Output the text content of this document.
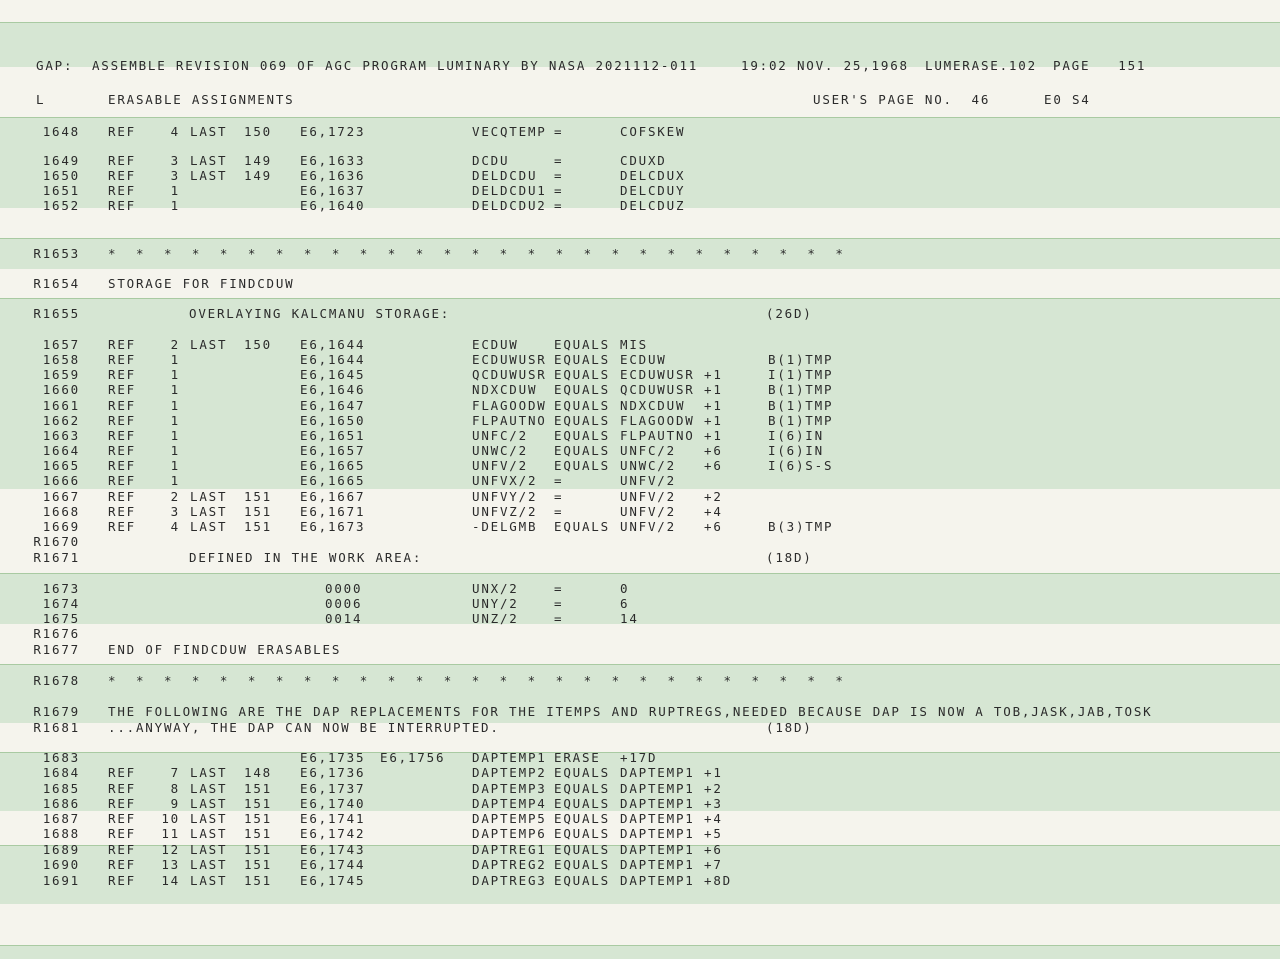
GAP:  ASSEMBLE REVISION 069 OF AGC PROGRAM LUMINARY BY NASA 2021112-011

	19:02 NOV. 25,1968

LUMERASE.102

PAGE   151

L

	ERASABLE ASSIGNMENTS

	USER'S PAGE NO.  46

	E0 S4

1648 REF	4 LAST 150 E6,1723	VECQTEMP =	COFSKEW
1649 REF	3 LAST 149 E6,1633	DCDU	=	CDUXD
1650 REF	3 LAST 149 E6,1636	DELDCDU =	DELCDUX
1651 REF	1	E6,1637	DELDCDU1 =	DELCDUY
1652 REF	1	E6,1640	DELDCDU2 =	DELCDUZ
R1653 *  *  *  *  *  *  *  *  *  *  *  *  *  *  *  *  *  *  *  *  *  *  *  *  *  *  *
R1654 STORAGE FOR FINDCDUW
R1655	OVERLAYING KALCMANU STORAGE:	(26D)
1657 REF	2 LAST 150 E6,1644	ECDUW	EQUALS MIS
1658 REF	1	E6,1644	ECDUWUSR EQUALS ECDUW	B(1)TMP
1659 REF	1	E6,1645	QCDUWUSR EQUALS ECDUWUSR +1	I(1)TMP
1660 REF	1	E6,1646	NDXCDUW EQUALS QCDUWUSR +1	B(1)TMP
1661 REF	1	E6,1647	FLAGOODW EQUALS NDXCDUW +1	B(1)TMP
1662 REF	1	E6,1650	FLPAUTNO EQUALS FLAGOODW +1	B(1)TMP
1663 REF	1	E6,1651	UNFC/2 EQUALS FLPAUTNO +1	I(6)IN
1664 REF	1	E6,1657	UNWC/2 EQUALS UNFC/2 +6	I(6)IN
1665 REF	1	E6,1665	UNFV/2 EQUALS UNWC/2 +6	I(6)S-S
1666 REF	1	E6,1665	UNFVX/2 =	UNFV/2
1667 REF	2 LAST 151 E6,1667	UNFVY/2 =	UNFV/2 +2
1668 REF	3 LAST 151 E6,1671	UNFVZ/2 =	UNFV/2 +4
1669 REF	4 LAST 151 E6,1673	-DELGMB EQUALS UNFV/2 +6	B(3)TMP
R1670
R1671	DEFINED IN THE WORK AREA:	(18D)
1673	0000	UNX/2	=	0
1674	0006	UNY/2	=	6
1675	0014	UNZ/2	=	14
R1676
R1677 END OF FINDCDUW ERASABLES
R1678 *  *  *  *  *  *  *  *  *  *  *  *  *  *  *  *  *  *  *  *  *  *  *  *  *  *  *
R1679 THE FOLLOWING ARE THE DAP REPLACEMENTS FOR THE ITEMPS AND RUPTREGS,NEEDED BECAUSE DAP IS NOW A TOB,JASK,JAB,TOSK
R1681 ...ANYWAY, THE DAP CAN NOW BE INTERRUPTED.	(18D)
1683	E6,1735 E6,1756 DAPTEMP1 ERASE +17D
1684 REF	7 LAST 148 E6,1736	DAPTEMP2 EQUALS DAPTEMP1 +1
1685 REF	8 LAST 151 E6,1737	DAPTEMP3 EQUALS DAPTEMP1 +2
1686 REF	9 LAST 151 E6,1740	DAPTEMP4 EQUALS DAPTEMP1 +3
1687 REF 10 LAST 151 E6,1741	DAPTEMP5 EQUALS DAPTEMP1 +4
1688 REF 11 LAST 151 E6,1742	DAPTEMP6 EQUALS DAPTEMP1 +5
1689 REF 12 LAST 151 E6,1743	DAPTREG1 EQUALS DAPTEMP1 +6
1690 REF 13 LAST 151 E6,1744	DAPTREG2 EQUALS DAPTEMP1 +7
1691 REF 14 LAST 151 E6,1745	DAPTREG3 EQUALS DAPTEMP1 +8D
